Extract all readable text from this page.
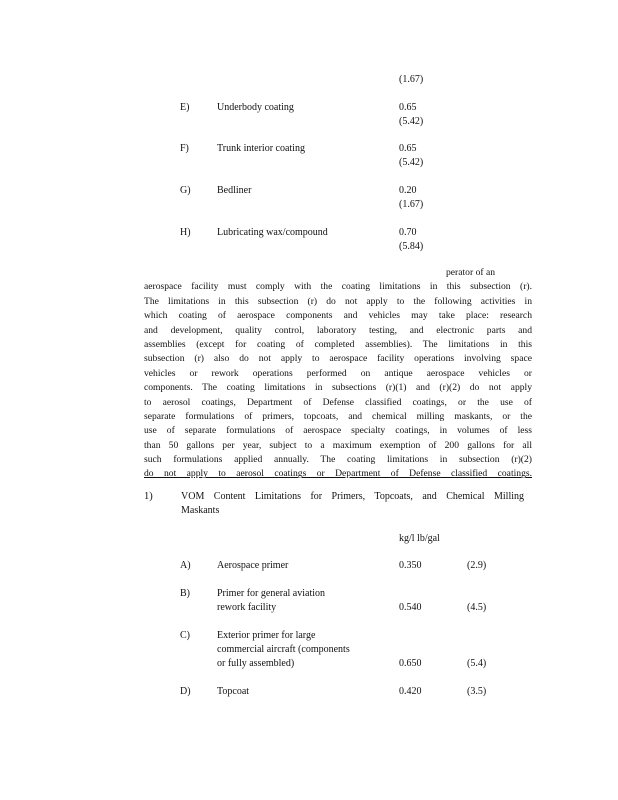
(1.67)
E)	Underbody coating	0.65
(5.42)
F)	Trunk interior coating	0.65
(5.42)
G)	Bedliner	0.20
(1.67)
H)	Lubricating wax/compound	0.70
(5.84)
perator of an
aerospace facility must comply with the coating limitations in this subsection (r).
The limitations in this subsection (r) do not apply to the following activities in
which coating of aerospace components and vehicles may take place: research
and development, quality control, laboratory testing, and electronic parts and
assemblies (except for coating of completed assemblies). The limitations in this
subsection (r) also do not apply to aerospace facility operations involving space
vehicles or rework operations performed on antique aerospace vehicles or
components. The coating limitations in subsections (r)(1) and (r)(2) do not apply
to aerosol coatings, Department of Defense classified coatings, or the use of
separate formulations of primers, topcoats, and chemical milling maskants, or the
use of separate formulations of aerospace specialty coatings, in volumes of less
than 50 gallons per year, subject to a maximum exemption of 200 gallons for all
such formulations applied annually. The coating limitations in subsection (r)(2)
do not apply to aerosol coatings or Department of Defense classified coatings.
1)	VOM Content Limitations for Primers, Topcoats, and Chemical Milling
Maskants
kg/l lb/gal
A)	Aerospace primer	0.350	(2.9)
B)	Primer for general aviation
rework facility	0.540	(4.5)
C)	Exterior primer for large
commercial aircraft (components
or fully assembled)	0.650	(5.4)
D)	Topcoat	0.420	(3.5)
